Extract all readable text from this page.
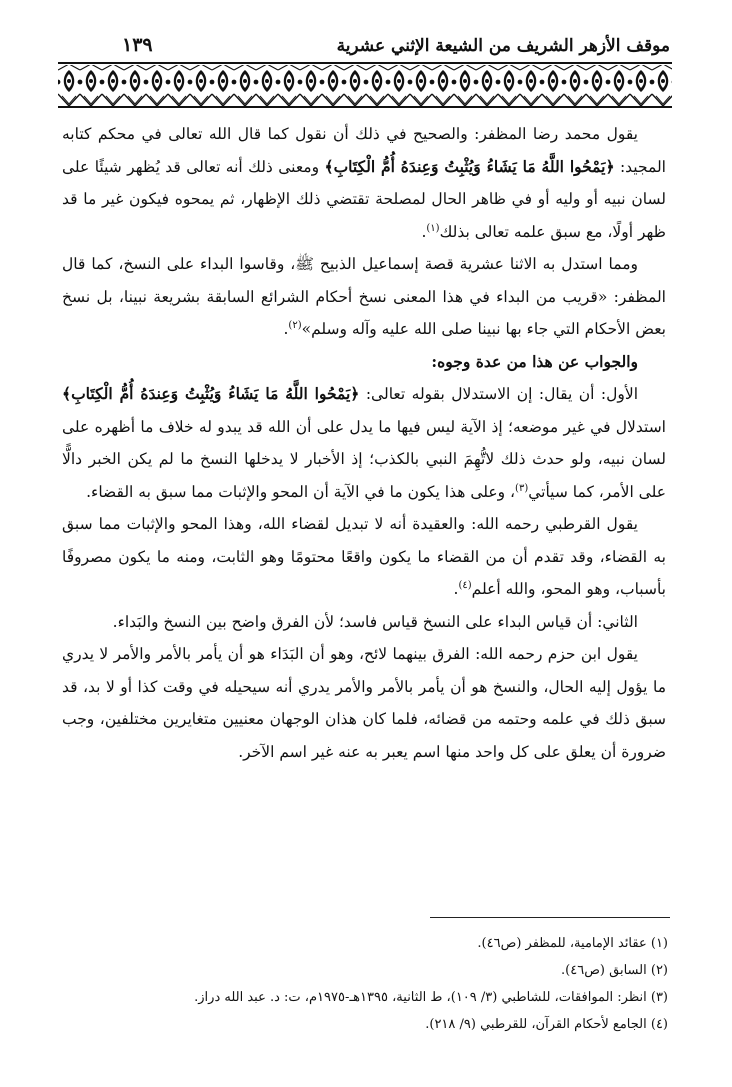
موقف الأزهر الشريف من الشيعة الإثني عشرية
١٣٩

يقول محمد رضا المظفر: والصحيح في ذلك أن نقول كما قال الله تعالى في محكم كتابه المجيد: ﴿يَمْحُوا اللَّهُ مَا يَشَاءُ وَيُثْبِتُ وَعِندَهُ أُمُّ الْكِتَابِ﴾ ومعنى ذلك أنه تعالى قد يُظهر شيئًا على لسان نبيه أو وليه أو في ظاهر الحال لمصلحة تقتضي ذلك الإظهار، ثم يمحوه فيكون غير ما قد ظهر أولًا، مع سبق علمه تعالى بذلك$^{(١)}$.

ومما استدل به الاثنا عشرية قصة إسماعيل الذبيح ﷺ، وقاسوا البداء على النسخ، كما قال المظفر: «قريب من البداء في هذا المعنى نسخ أحكام الشرائع السابقة بشريعة نبينا، بل نسخ بعض الأحكام التي جاء بها نبينا صلى الله عليه وآله وسلم»$^{(٢)}$.

والجواب عن هذا من عدة وجوه:

الأول: أن يقال: إن الاستدلال بقوله تعالى: ﴿يَمْحُوا اللَّهُ مَا يَشَاءُ وَيُثْبِتُ وَعِندَهُ أُمُّ الْكِتَابِ﴾ استدلال في غير موضعه؛ إذ الآية ليس فيها ما يدل على أن الله قد يبدو له خلاف ما أظهره على لسان نبيه، ولو حدث ذلك لاتُّهِمَ النبي بالكذب؛ إذ الأخبار لا يدخلها النسخ ما لم يكن الخبر دالًّا على الأمر، كما سيأتي$^{(٣)}$، وعلى هذا يكون ما في الآية أن المحو والإثبات مما سبق به القضاء.

يقول القرطبي رحمه الله: والعقيدة أنه لا تبديل لقضاء الله، وهذا المحو والإثبات مما سبق به القضاء، وقد تقدم أن من القضاء ما يكون واقعًا محتومًا وهو الثابت، ومنه ما يكون مصروفًا بأسباب، وهو المحو، والله أعلم$^{(٤)}$.

الثاني: أن قياس البداء على النسخ قياس فاسد؛ لأن الفرق واضح بين النسخ والبَداء.

يقول ابن حزم رحمه الله: الفرق بينهما لائح، وهو أن البَدَاء هو أن يأمر بالأمر والأمر لا يدري ما يؤول إليه الحال، والنسخ هو أن يأمر بالأمر والأمر يدري أنه سيحيله في وقت كذا أو لا بد، قد سبق ذلك في علمه وحتمه من قضائه، فلما كان هذان الوجهان معنيين متغايرين مختلفين، وجب ضرورة أن يعلق على كل واحد منها اسم يعبر به عنه غير اسم الآخر.

(١) عقائد الإمامية، للمظفر (ص٤٦).
(٢) السابق (ص٤٦).
(٣) انظر: الموافقات، للشاطبي (٣/ ١٠٩)، ط الثانية، ١٣٩٥هـ-١٩٧٥م، ت: د. عبد الله دراز.
(٤) الجامع لأحكام القرآن، للقرطبي (٩/ ٢١٨).
